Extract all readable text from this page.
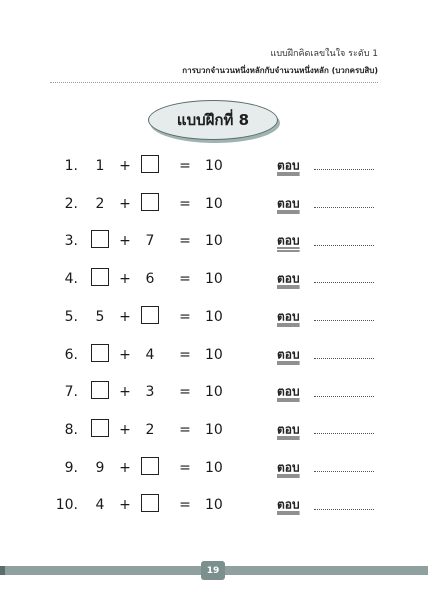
แบบฝึกคิดเลขในใจ ระดับ 1
การบวกจำนวนหนึ่งหลักกับจำนวนหนึ่งหลัก (บวกครบสิบ)
แบบฝึกที่ 8
1.	1	+	= 10	ตอบ
2.	2	+	= 10	ตอบ
3.	+	7	= 10	ตอบ
4.	+	6	= 10	ตอบ
5.	5	+	= 10	ตอบ
6.	+	4	= 10	ตอบ
7.	+	3	= 10	ตอบ
8.	+	2	= 10	ตอบ
9.	9	+	= 10	ตอบ
10.	4	+	= 10	ตอบ
19
